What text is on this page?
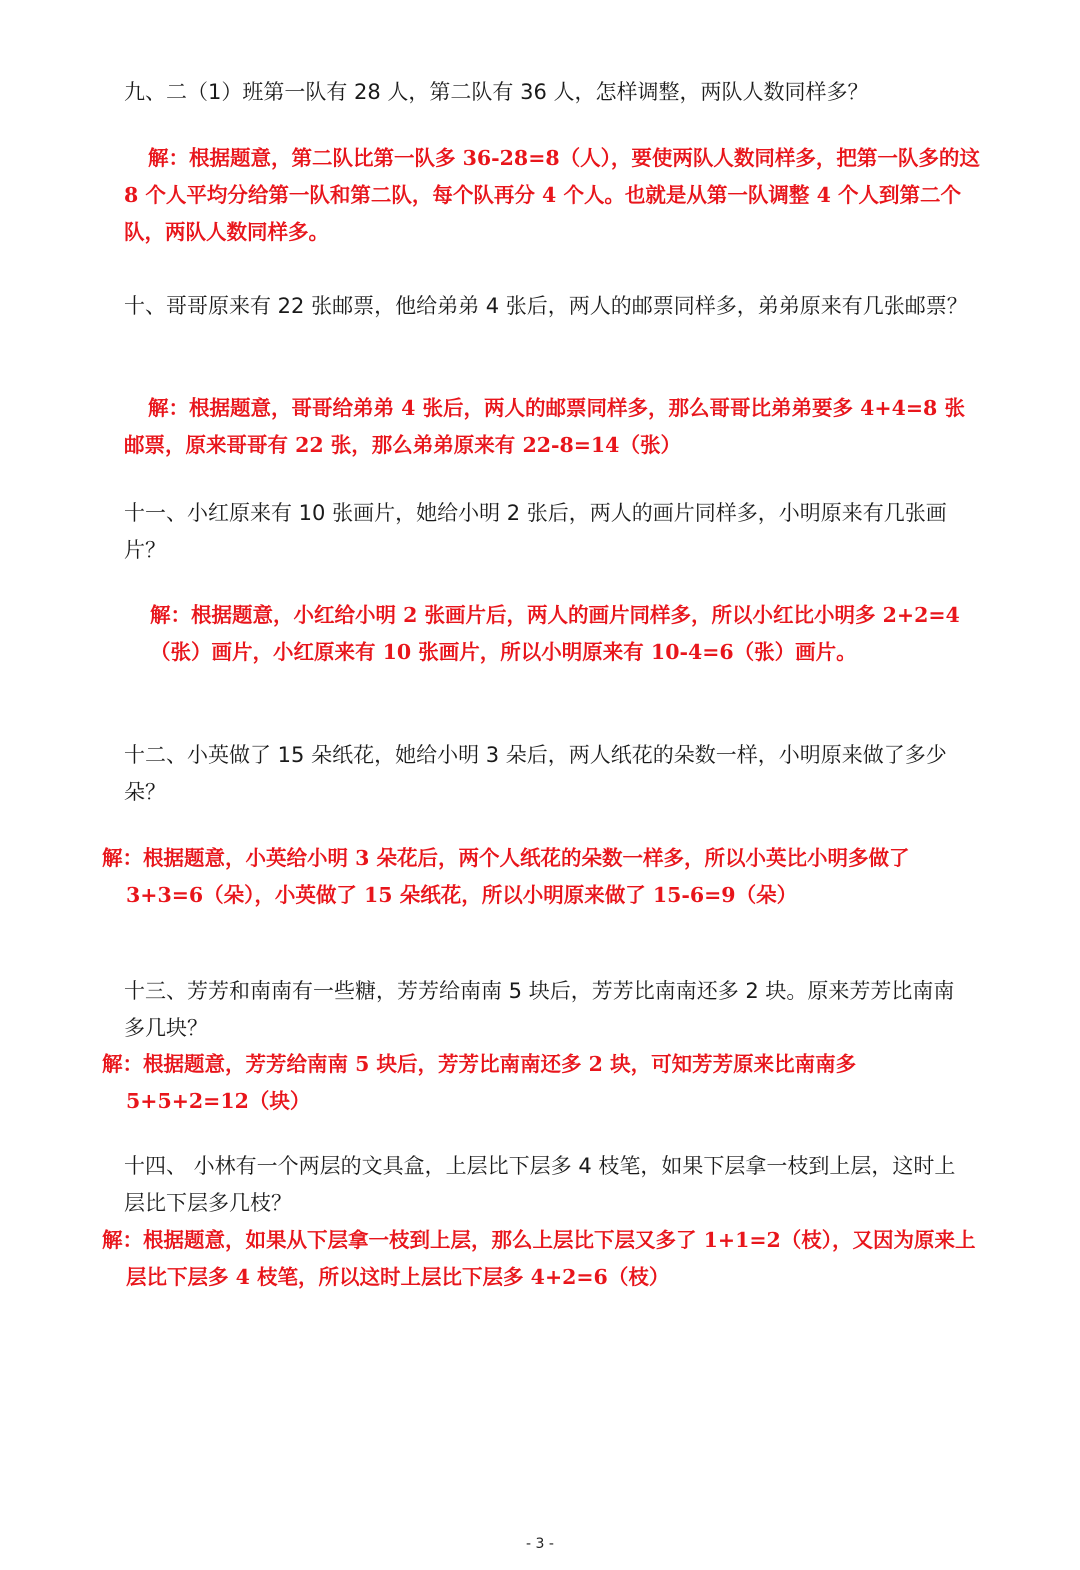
九、二（1）班第一队有 28 人，第二队有 36 人，怎样调整，两队人数同样多？

解：根据题意，第二队比第一队多 36-28=8（人），要使两队人数同样多，把第一队多的这 8 个人平均分给第一队和第二队，每个队再分 4 个人。也就是从第一队调整 4 个人到第二个队，两队人数同样多。

十、哥哥原来有 22 张邮票，他给弟弟 4 张后，两人的邮票同样多，弟弟原来有几张邮票？

解：根据题意，哥哥给弟弟 4 张后，两人的邮票同样多，那么哥哥比弟弟要多 4+4=8 张邮票，原来哥哥有 22 张，那么弟弟原来有 22-8=14（张）

十一、小红原来有 10 张画片，她给小明 2 张后，两人的画片同样多，小明原来有几张画片？

解：根据题意，小红给小明 2 张画片后，两人的画片同样多，所以小红比小明多 2+2=4（张）画片，小红原来有 10 张画片，所以小明原来有 10-4=6（张）画片。

十二、小英做了 15 朵纸花，她给小明 3 朵后，两人纸花的朵数一样，小明原来做了多少朵？

解：根据题意，小英给小明 3 朵花后，两个人纸花的朵数一样多，所以小英比小明多做了 3+3=6（朵），小英做了 15 朵纸花，所以小明原来做了 15-6=9（朵）

十三、芳芳和南南有一些糖，芳芳给南南 5 块后，芳芳比南南还多 2 块。原来芳芳比南南多几块？

解：根据题意，芳芳给南南 5 块后，芳芳比南南还多 2 块，可知芳芳原来比南南多 5+5+2=12（块）

十四、 小林有一个两层的文具盒，上层比下层多 4 枝笔，如果下层拿一枝到上层，这时上层比下层多几枝？

解：根据题意，如果从下层拿一枝到上层，那么上层比下层又多了 1+1=2（枝），又因为原来上层比下层多 4 枝笔，所以这时上层比下层多 4+2=6（枝）

- 3 -
